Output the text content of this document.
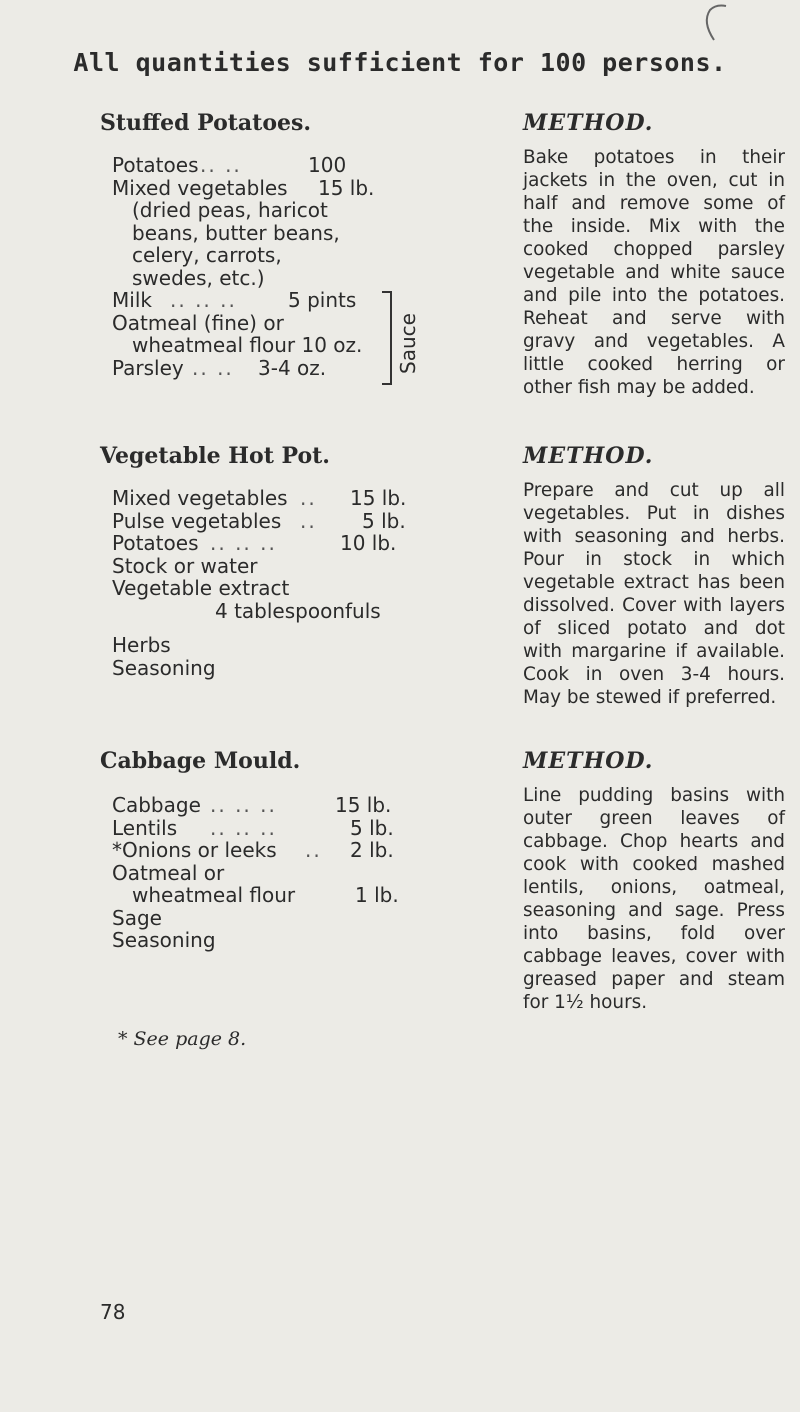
All quantities sufficient for 100 persons.
Stuffed Potatoes.
Potatoes .. ..	100
Mixed vegetables 15 lb.
(dried peas, haricot
beans, butter beans,
celery, carrots,
swedes, etc.)
Milk .. .. ..	5 pints
Oatmeal (fine) or
wheatmeal flour 10 oz.
Parsley .. .. 3-4 oz.	Sauce
Vegetable Hot Pot.
Mixed vegetables .. 15 lb.
Pulse vegetables .. 5 lb.
Potatoes .. .. ..	10 lb.
Stock or water
Vegetable extract
4 tablespoonfuls
Herbs
Seasoning
Cabbage Mould.
Cabbage .. .. ..	15 lb.
Lentils .. .. ..	5 lb.
*Onions or leeks .. 2 lb.
Oatmeal or
wheatmeal flour	1 lb.
Sage
Seasoning
METHOD.

Bake potatoes in their jackets in the oven, cut in half and remove some of the inside. Mix with the cooked chopped parsley vegetable and white sauce and pile into the potatoes. Reheat and serve with gravy and vegetables. A little cooked herring or other fish may be added.

METHOD.

Prepare and cut up all vegetables. Put in dishes with seasoning and herbs. Pour in stock in which vegetable extract has been dissolved. Cover with layers of sliced potato and dot with margarine if available. Cook in oven 3-4 hours. May be stewed if preferred.

METHOD.

Line pudding basins with outer green leaves of cabbage. Chop hearts and cook with cooked mashed lentils, onions, oatmeal, seasoning and sage. Press into basins, fold over cabbage leaves, cover with greased paper and steam for 1½ hours.

* See page 8.
78
